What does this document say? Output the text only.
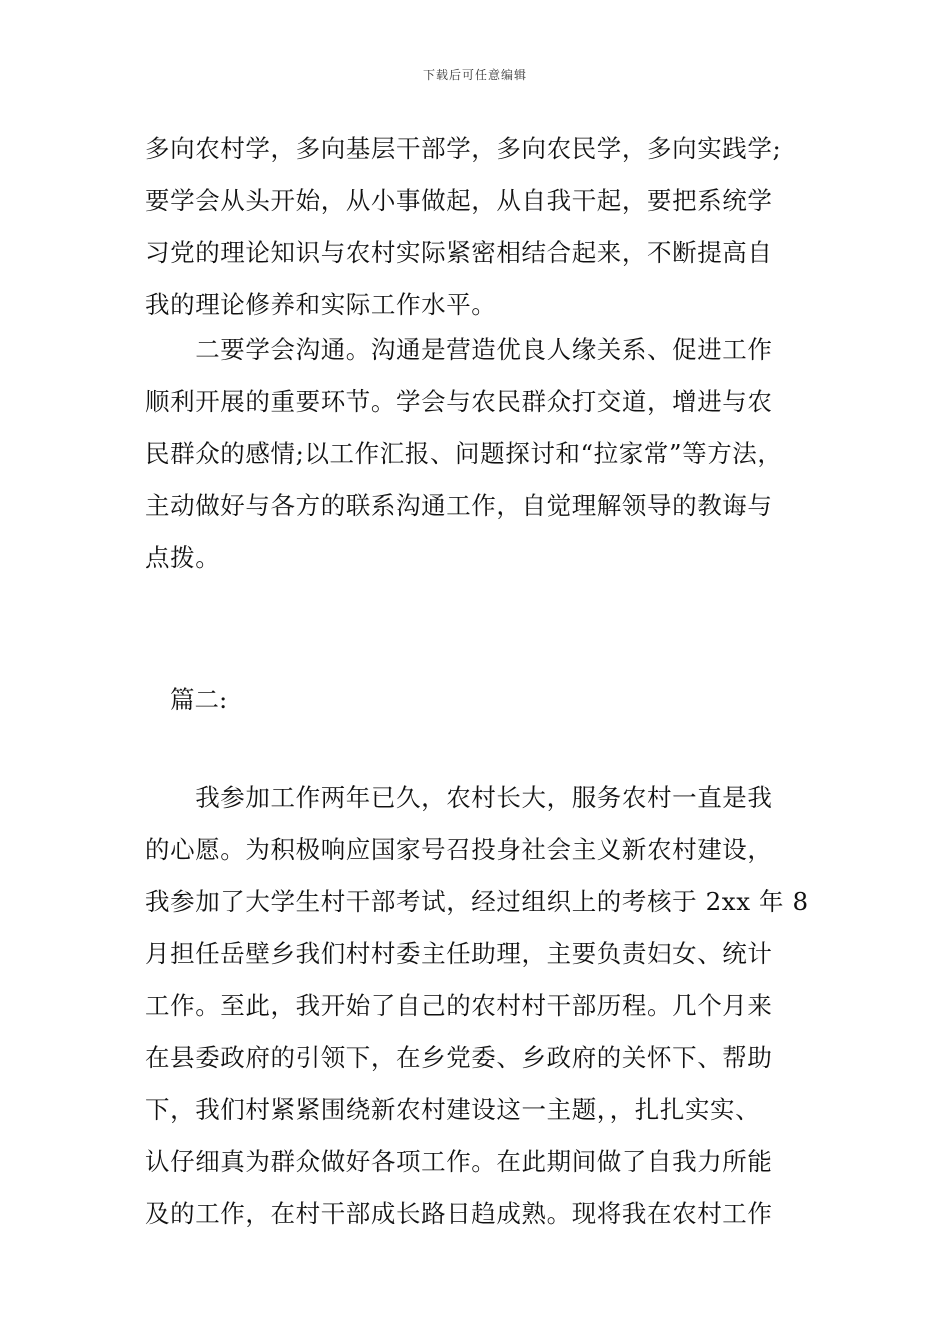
下载后可任意编辑
多向农村学，多向基层干部学，多向农民学，多向实践学;
要学会从头开始，从小事做起，从自我干起，要把系统学
习党的理论知识与农村实际紧密相结合起来，不断提高自
我的理论修养和实际工作水平。
　　二要学会沟通。沟通是营造优良人缘关系、促进工作
顺利开展的重要环节。学会与农民群众打交道，增进与农
民群众的感情;以工作汇报、问题探讨和“拉家常”等方法，
主动做好与各方的联系沟通工作，自觉理解领导的教诲与
点拨。
篇二:
　　我参加工作两年已久，农村长大，服务农村一直是我
的心愿。为积极响应国家号召投身社会主义新农村建设，
我参加了大学生村干部考试，经过组织上的考核于 2xx 年 8
月担任岳壁乡我们村村委主任助理，主要负责妇女、统计
工作。至此，我开始了自己的农村村干部历程。几个月来
在县委政府的引领下，在乡党委、乡政府的关怀下、帮助
下，我们村紧紧围绕新农村建设这一主题，，扎扎实实、
认仔细真为群众做好各项工作。在此期间做了自我力所能
及的工作，在村干部成长路日趋成熟。现将我在农村工作
